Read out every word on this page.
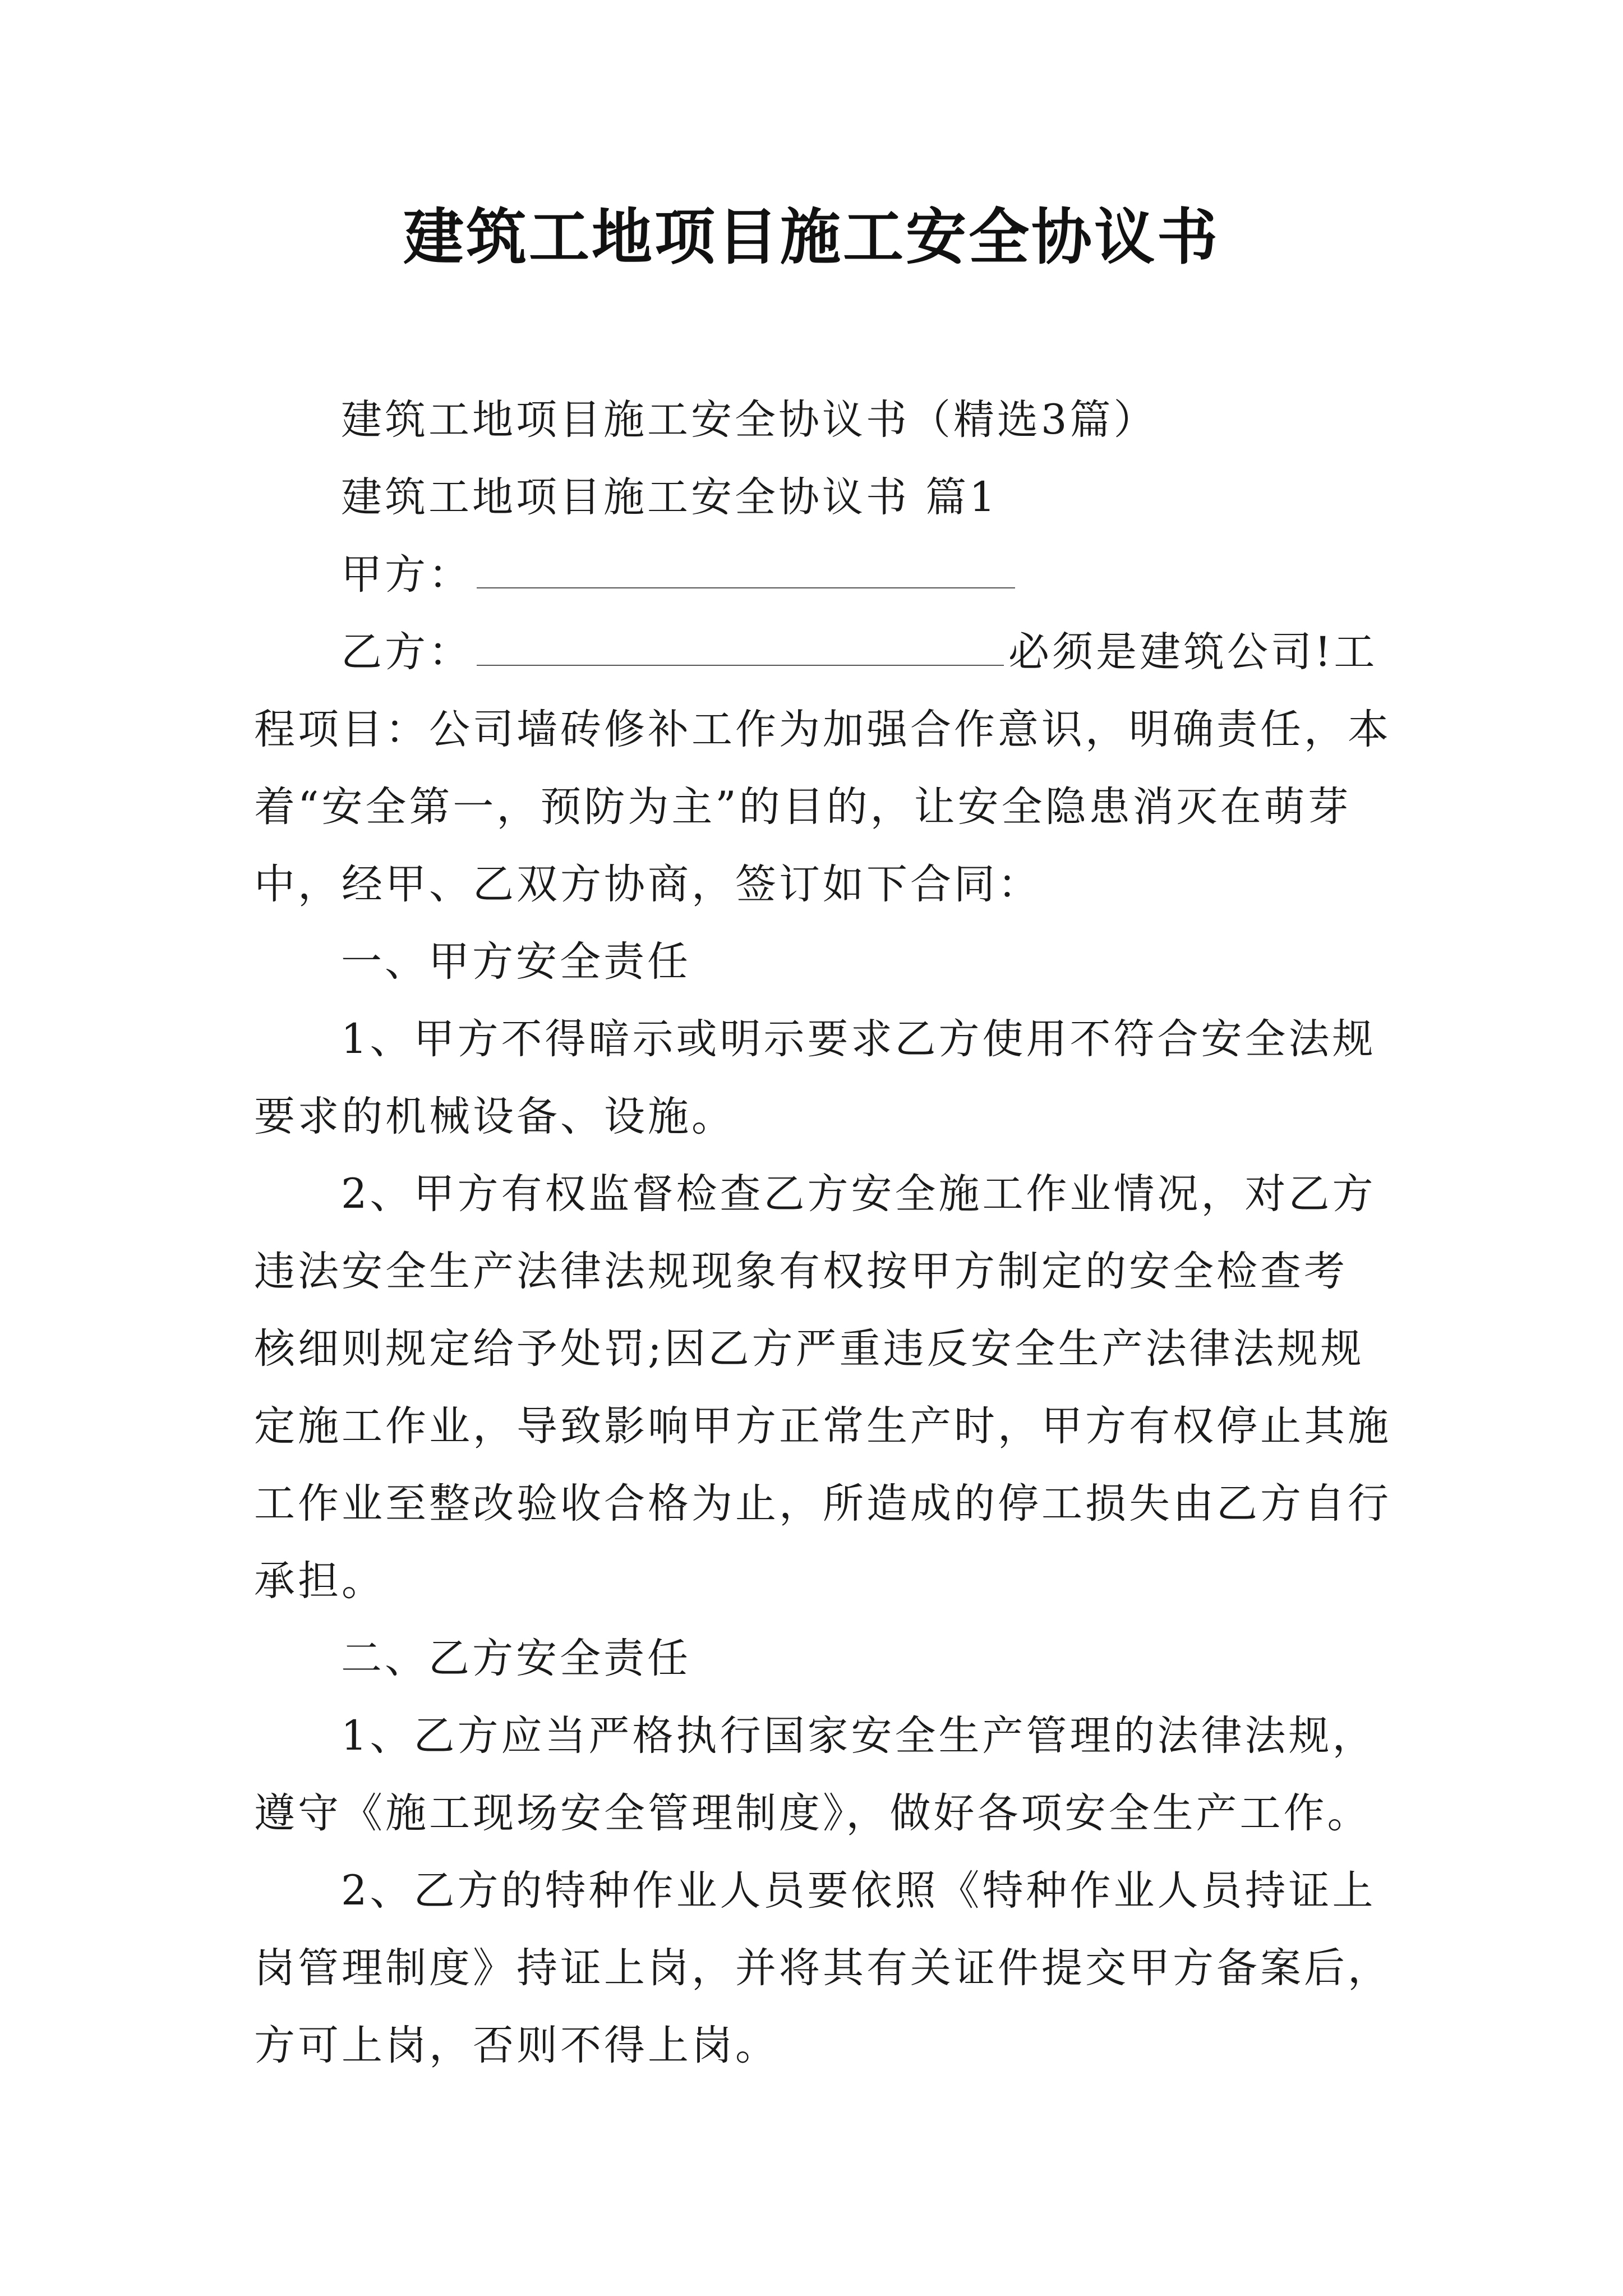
建筑工地项目施工安全协议书
建筑工地项目施工安全协议书（精选3篇）
建筑工地项目施工安全协议书 篇1
甲方：
乙方：	必须是建筑公司!工
程项目：公司墙砖修补工作为加强合作意识，明确责任，本
着“安全第一，预防为主”的目的，让安全隐患消灭在萌芽
中，经甲、乙双方协商，签订如下合同：
一、甲方安全责任
1、甲方不得暗示或明示要求乙方使用不符合安全法规
要求的机械设备、设施。
2、甲方有权监督检查乙方安全施工作业情况，对乙方
违法安全生产法律法规现象有权按甲方制定的安全检查考
核细则规定给予处罚;因乙方严重违反安全生产法律法规规
定施工作业，导致影响甲方正常生产时，甲方有权停止其施
工作业至整改验收合格为止，所造成的停工损失由乙方自行
承担。
二、乙方安全责任
1、乙方应当严格执行国家安全生产管理的法律法规，
遵守《施工现场安全管理制度》，做好各项安全生产工作。
2、乙方的特种作业人员要依照《特种作业人员持证上
岗管理制度》持证上岗，并将其有关证件提交甲方备案后，
方可上岗，否则不得上岗。
